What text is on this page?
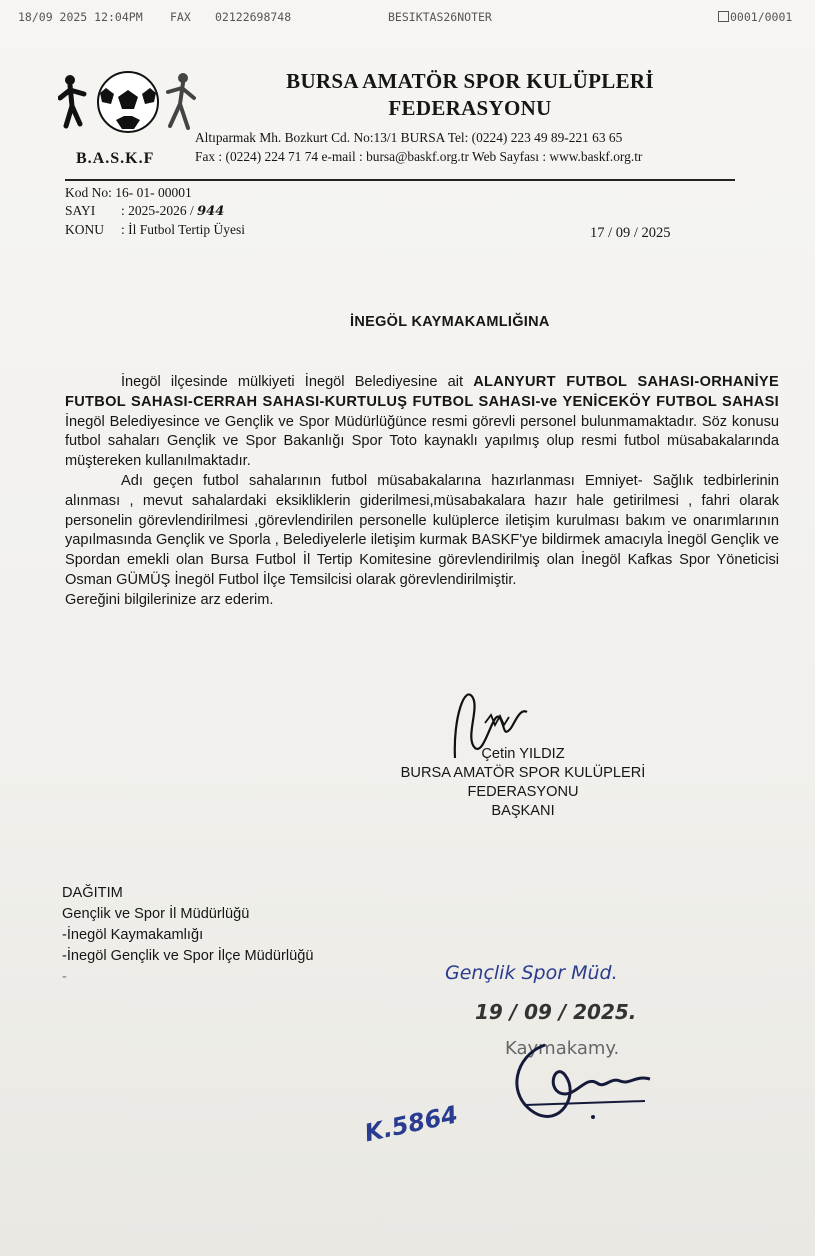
18/09 2025 12:04PM FAX 02122698748	BESIKTAS26NOTER	0001/0001
B.A.S.K.F
BURSA AMATÖR SPOR KULÜPLERİ
FEDERASYONU
Altıparmak Mh. Bozkurt Cd. No:13/1 BURSA Tel: (0224) 223 49 89-221 63 65
Fax : (0224) 224 71 74 e-mail : bursa@baskf.org.tr Web Sayfası : www.baskf.org.tr
Kod No: 16- 01- 00001
SAYI : 2025-2026 / 944
KONU : İl Futbol Tertip Üyesi	17 / 09 / 2025
İNEGÖL KAYMAKAMLIĞINA

İnegöl ilçesinde mülkiyeti İnegöl Belediyesine ait ALANYURT FUTBOL SAHASI-ORHANİYE FUTBOL SAHASI-CERRAH SAHASI-KURTULUŞ FUTBOL SAHASI-ve YENİCEKÖY FUTBOL SAHASI İnegöl Belediyesince ve Gençlik ve Spor Müdürlüğünce resmi görevli personel bulunmamaktadır. Söz konusu futbol sahaları Gençlik ve Spor Bakanlığı Spor Toto kaynaklı yapılmış olup resmi futbol müsabakalarında müştereken kullanılmaktadır.

Adı geçen futbol sahalarının futbol müsabakalarına hazırlanması Emniyet- Sağlık tedbirlerinin alınması , mevut sahalardaki eksikliklerin giderilmesi,müsabakalara hazır hale getirilmesi , fahri olarak personelin görevlendirilmesi ,görevlendirilen personelle kulüplerce iletişim kurulması bakım ve onarımlarının yapılmasında Gençlik ve Sporla , Belediyelerle iletişim kurmak BASKF'ye bildirmek amacıyla İnegöl Gençlik ve Spordan emekli olan Bursa Futbol İl Tertip Komitesine görevlendirilmiş olan İnegöl Kafkas Spor Yöneticisi Osman GÜMÜŞ İnegöl Futbol İlçe Temsilcisi olarak görevlendirilmiştir.

Gereğini bilgilerinize arz ederim.

Çetin YILDIZ
BURSA AMATÖR SPOR KULÜPLERİ
FEDERASYONU
BAŞKANI
DAĞITIM
Gençlik ve Spor İl Müdürlüğü
-İnegöl Kaymakamlığı
-İnegöl Gençlik ve Spor İlçe Müdürlüğü
-	Gençlik Spor Müd.
19 / 09 / 2025.
Kaymakamy.
K.5864
